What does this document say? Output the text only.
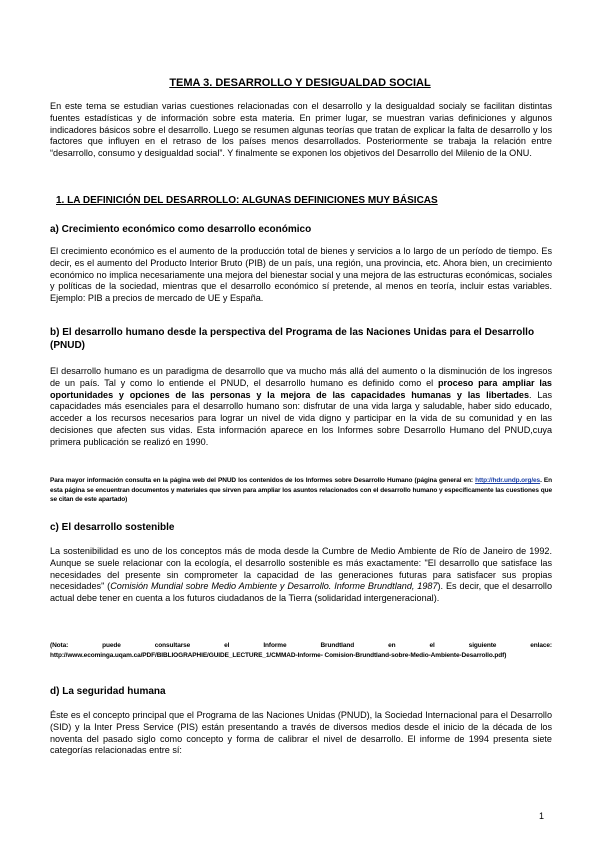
TEMA 3. DESARROLLO Y DESIGUALDAD SOCIAL

En este tema se estudian varias cuestiones relacionadas con el desarrollo y la desigualdad socialy se facilitan distintas fuentes estadísticas y de información sobre esta materia. En primer lugar, se muestran varias definiciones y algunos indicadores básicos sobre el desarrollo. Luego se resumen algunas teorías que tratan de explicar la falta de desarrollo y los factores que influyen en el retraso de los países menos desarrollados. Posteriormente se trabaja la relación entre “desarrollo, consumo y desigualdad social”. Y finalmente se exponen los objetivos del Desarrollo del Milenio de la ONU.

1. LA DEFINICIÓN DEL DESARROLLO: ALGUNAS DEFINICIONES MUY BÁSICAS
a) Crecimiento económico como desarrollo económico

El crecimiento económico es el aumento de la producción total de bienes y servicios a lo largo de un período de tiempo. Es decir, es el aumento del Producto Interior Bruto (PIB) de un país, una región, una provincia, etc. Ahora bien, un crecimiento económico no implica necesariamente una mejora del bienestar social y una mejora de las estructuras económicas, sociales y políticas de la sociedad, mientras que el desarrollo económico sí pretende, al menos en teoría, incluir estas variables. Ejemplo: PIB a precios de mercado de UE y España.

b) El desarrollo humano desde la perspectiva del Programa de las Naciones Unidas para el Desarrollo (PNUD)

El desarrollo humano es un paradigma de desarrollo que va mucho más allá del aumento o la disminución de los ingresos de un país. Tal y como lo entiende el PNUD, el desarrollo humano es definido como el proceso para ampliar las oportunidades y opciones de las personas y la mejora de las capacidades humanas y las libertades. Las capacidades más esenciales para el desarrollo humano son: disfrutar de una vida larga y saludable, haber sido educado, acceder a los recursos necesarios para lograr un nivel de vida digno y participar en la vida de su comunidad y en las decisiones que afecten sus vidas. Esta información aparece en los Informes sobre Desarrollo Humano del PNUD,cuya primera publicación se realizó en 1990.

Para mayor información consulta en la página web del PNUD los contenidos de los Informes sobre Desarrollo Humano (página general en: http://hdr.undp.org/es. En esta página se encuentran documentos y materiales que sirven para ampliar los asuntos relacionados con el desarrollo humano y específicamente las cuestiones que se citan de este apartado)

c) El desarrollo sostenible

La sostenibilidad es uno de los conceptos más de moda desde la Cumbre de Medio Ambiente de Río de Janeiro de 1992. Aunque se suele relacionar con la ecología, el desarrollo sostenible es más exactamente: "El desarrollo que satisface las necesidades del presente sin comprometer la capacidad de las generaciones futuras para satisfacer sus propias necesidades" (Comisión Mundial sobre Medio Ambiente y Desarrollo. Informe Brundtland, 1987). Es decir, que el desarrollo actual debe tener en cuenta a los futuros ciudadanos de la Tierra (solidaridad intergeneracional).

(Nota: puede consultarse el Informe Brundtland en el siguiente enlace:

http://www.ecominga.uqam.ca/PDF/BIBLIOGRAPHIE/GUIDE_LECTURE_1/CMMAD-Informe- Comision-Brundtland-sobre-Medio-Ambiente-Desarrollo.pdf)

d) La seguridad humana

Éste es el concepto principal que el Programa de las Naciones Unidas (PNUD), la Sociedad Internacional para el Desarrollo (SID) y la Inter Press Service (PIS) están presentando a través de diversos medios desde el inicio de la década de los noventa del pasado siglo como concepto y forma de calibrar el nivel de desarrollo. El informe de 1994 presenta siete categorías relacionadas entre sí:

1
